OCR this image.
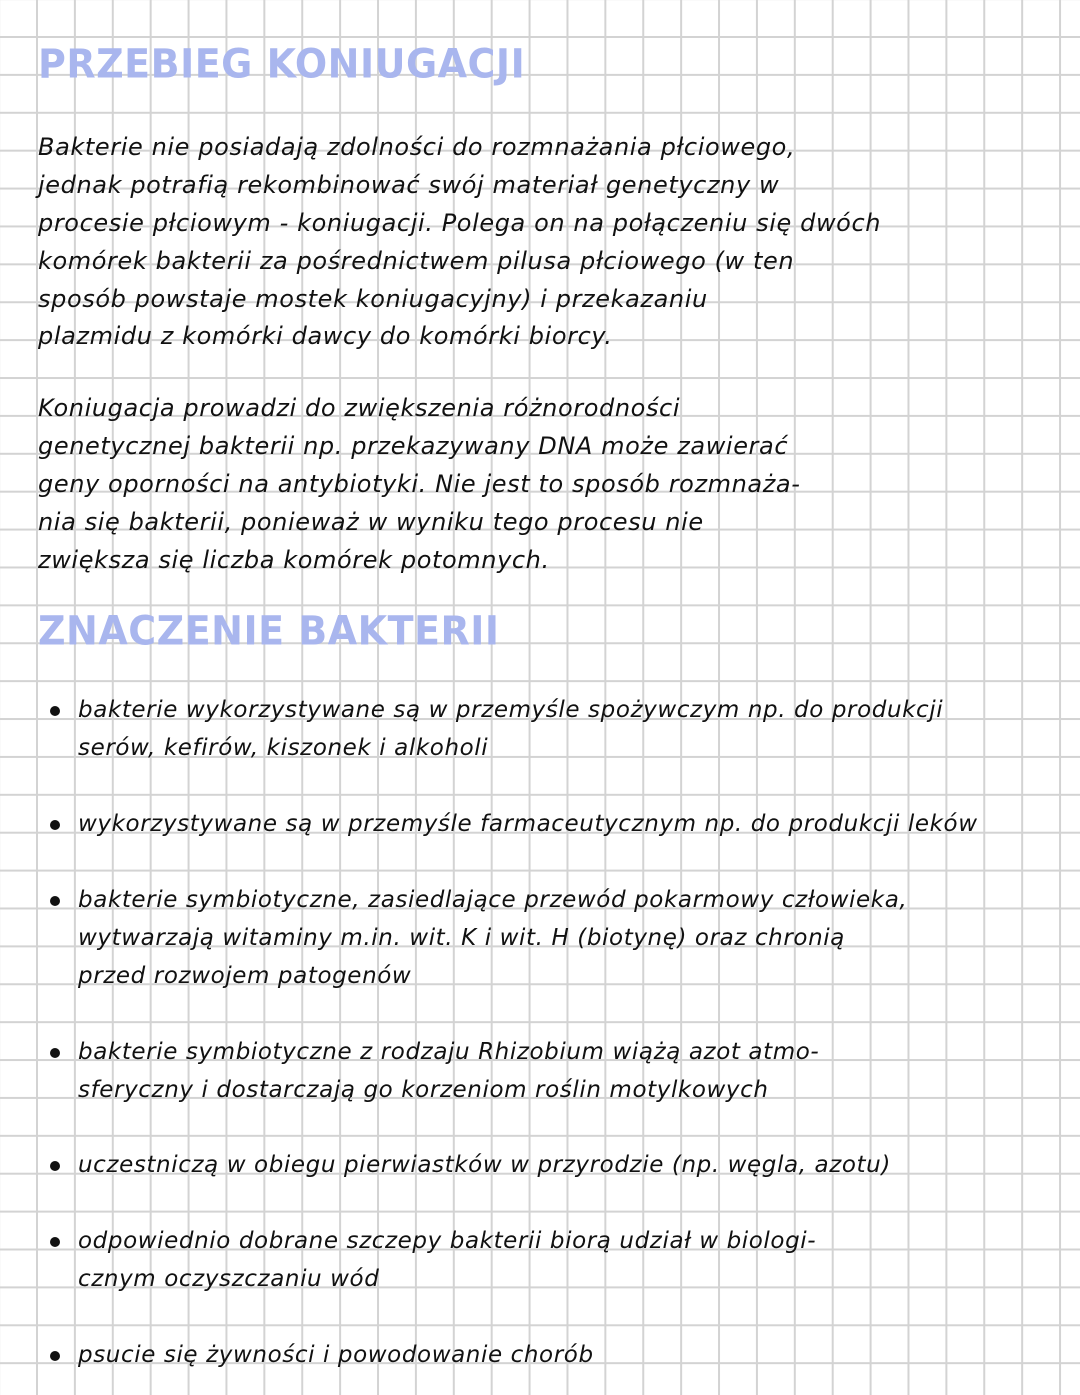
PRZEBIEG KONIUGACJI
Bakterie nie posiadają zdolności do rozmnażania płciowego,
jednak potrafią rekombinować swój materiał genetyczny w
procesie płciowym - koniugacji. Polega on na połączeniu się dwóch
komórek bakterii za pośrednictwem pilusa płciowego (w ten
sposób powstaje mostek koniugacyjny) i przekazaniu
plazmidu z komórki dawcy do komórki biorcy.
Koniugacja prowadzi do zwiększenia różnorodności
genetycznej bakterii np. przekazywany DNA może zawierać
geny oporności na antybiotyki. Nie jest to sposób rozmnaża-
nia się bakterii, ponieważ w wyniku tego procesu nie
zwiększa się liczba komórek potomnych.
ZNACZENIE BAKTERII
bakterie wykorzystywane są w przemyśle spożywczym np. do produkcji
serów, kefirów, kiszonek i alkoholi
wykorzystywane są w przemyśle farmaceutycznym np. do produkcji leków
bakterie symbiotyczne, zasiedlające przewód pokarmowy człowieka,
wytwarzają witaminy m.in. wit. K i wit. H (biotynę) oraz chronią
przed rozwojem patogenów
bakterie symbiotyczne z rodzaju Rhizobium wiążą azot atmo-
sferyczny i dostarczają go korzeniom roślin motylkowych
uczestniczą w obiegu pierwiastków w przyrodzie (np. węgla, azotu)
odpowiednio dobrane szczepy bakterii biorą udział w biologi-
cznym oczyszczaniu wód
psucie się żywności i powodowanie chorób
